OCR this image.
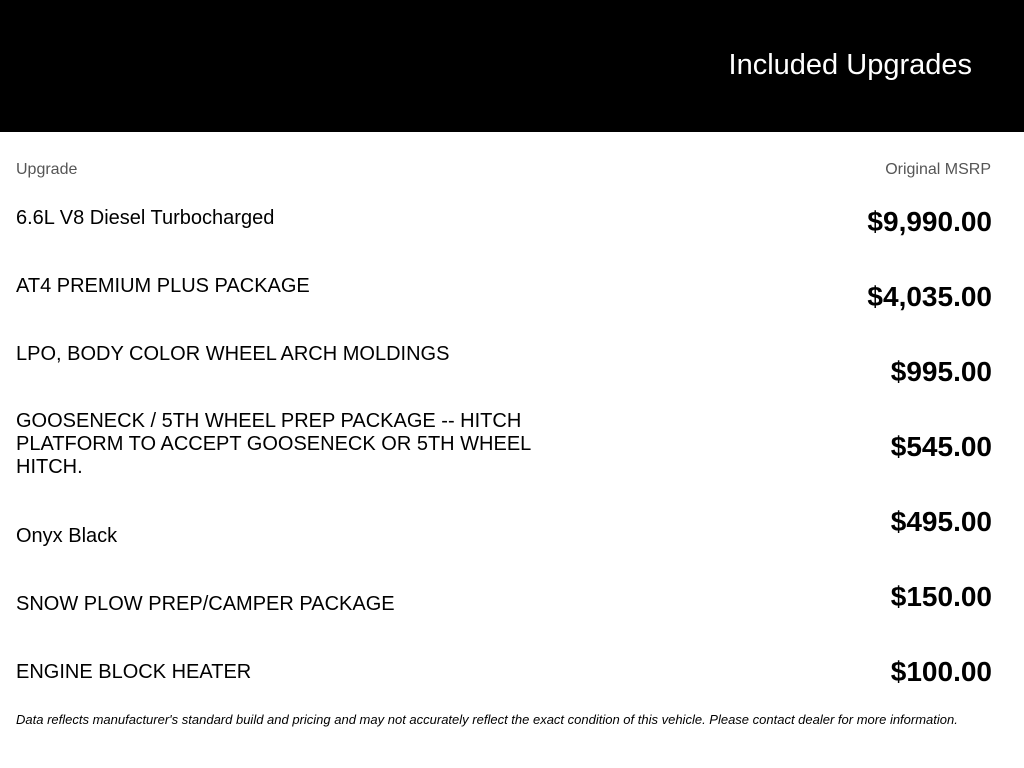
Included Upgrades
Upgrade	Original MSRP
6.6L V8 Diesel Turbocharged
AT4 PREMIUM PLUS PACKAGE
LPO, BODY COLOR WHEEL ARCH MOLDINGS
GOOSENECK / 5TH WHEEL PREP PACKAGE -- HITCH PLATFORM TO ACCEPT GOOSENECK OR 5TH WHEEL HITCH.
Onyx Black
SNOW PLOW PREP/CAMPER PACKAGE
ENGINE BLOCK HEATER
$9,990.00
$4,035.00
$995.00
$545.00
$495.00
$150.00
$100.00
Data reflects manufacturer's standard build and pricing and may not accurately reflect the exact condition of this vehicle. Please contact dealer for more information.
